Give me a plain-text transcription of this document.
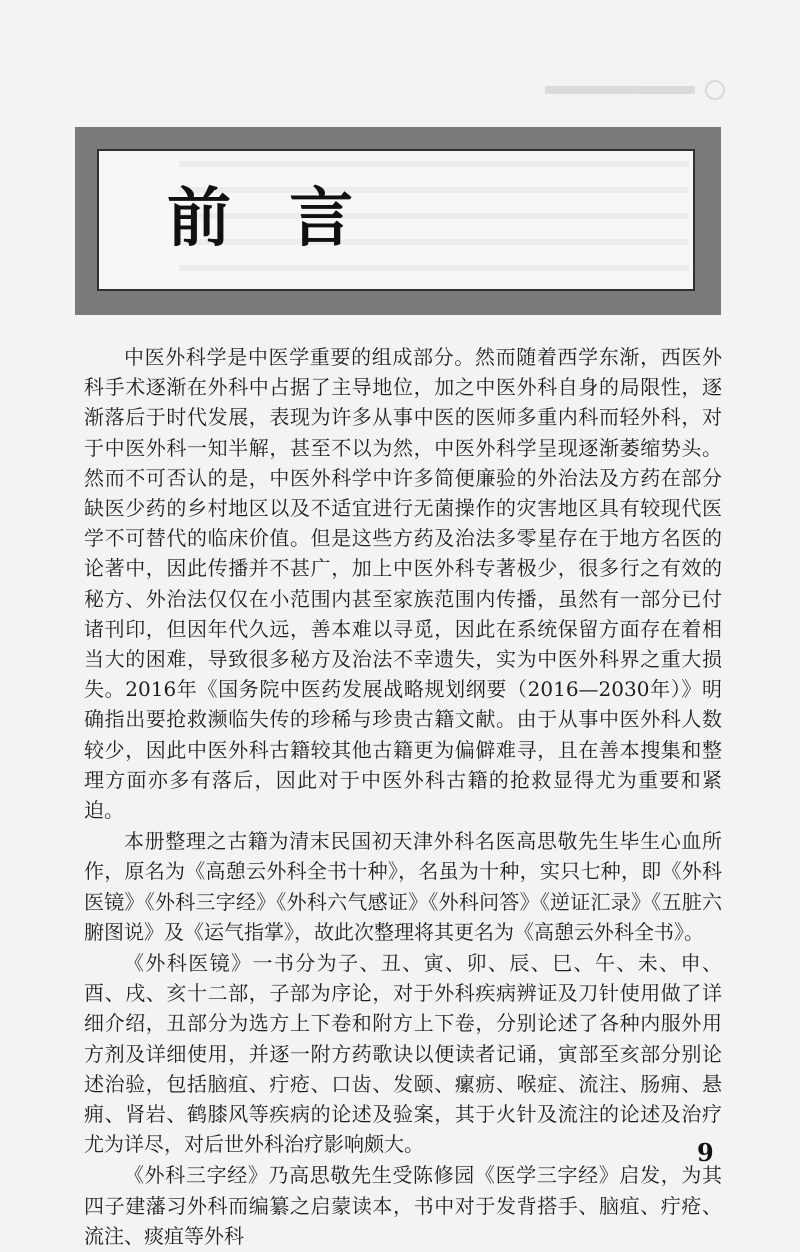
前 言

中医外科学是中医学重要的组成部分。然而随着西学东渐，西医外科手术逐渐在外科中占据了主导地位，加之中医外科自身的局限性，逐渐落后于时代发展，表现为许多从事中医的医师多重内科而轻外科，对于中医外科一知半解，甚至不以为然，中医外科学呈现逐渐萎缩势头。然而不可否认的是，中医外科学中许多简便廉验的外治法及方药在部分缺医少药的乡村地区以及不适宜进行无菌操作的灾害地区具有较现代医学不可替代的临床价值。但是这些方药及治法多零星存在于地方名医的论著中，因此传播并不甚广，加上中医外科专著极少，很多行之有效的秘方、外治法仅仅在小范围内甚至家族范围内传播，虽然有一部分已付诸刊印，但因年代久远，善本难以寻觅，因此在系统保留方面存在着相当大的困难，导致很多秘方及治法不幸遗失，实为中医外科界之重大损失。2016年《国务院中医药发展战略规划纲要（2016—2030年）》明确指出要抢救濒临失传的珍稀与珍贵古籍文献。由于从事中医外科人数较少，因此中医外科古籍较其他古籍更为偏僻难寻，且在善本搜集和整理方面亦多有落后，因此对于中医外科古籍的抢救显得尤为重要和紧迫。

本册整理之古籍为清末民国初天津外科名医高思敬先生毕生心血所作，原名为《高憩云外科全书十种》，名虽为十种，实只七种，即《外科医镜》《外科三字经》《外科六气感证》《外科问答》《逆证汇录》《五脏六腑图说》及《运气指掌》，故此次整理将其更名为《高憩云外科全书》。

《外科医镜》一书分为子、丑、寅、卯、辰、巳、午、未、申、酉、戌、亥十二部，子部为序论，对于外科疾病辨证及刀针使用做了详细介绍，丑部分为选方上下卷和附方上下卷，分别论述了各种内服外用方剂及详细使用，并逐一附方药歌诀以便读者记诵，寅部至亥部分别论述治验，包括脑疽、疔疮、口齿、发颐、瘰疬、喉症、流注、肠痈、悬痈、肾岩、鹤膝风等疾病的论述及验案，其于火针及流注的论述及治疗尤为详尽，对后世外科治疗影响颇大。

《外科三字经》乃高思敬先生受陈修园《医学三字经》启发，为其四子建藩习外科而编纂之启蒙读本，书中对于发背搭手、脑疽、疔疮、流注、痰疽等外科

9
